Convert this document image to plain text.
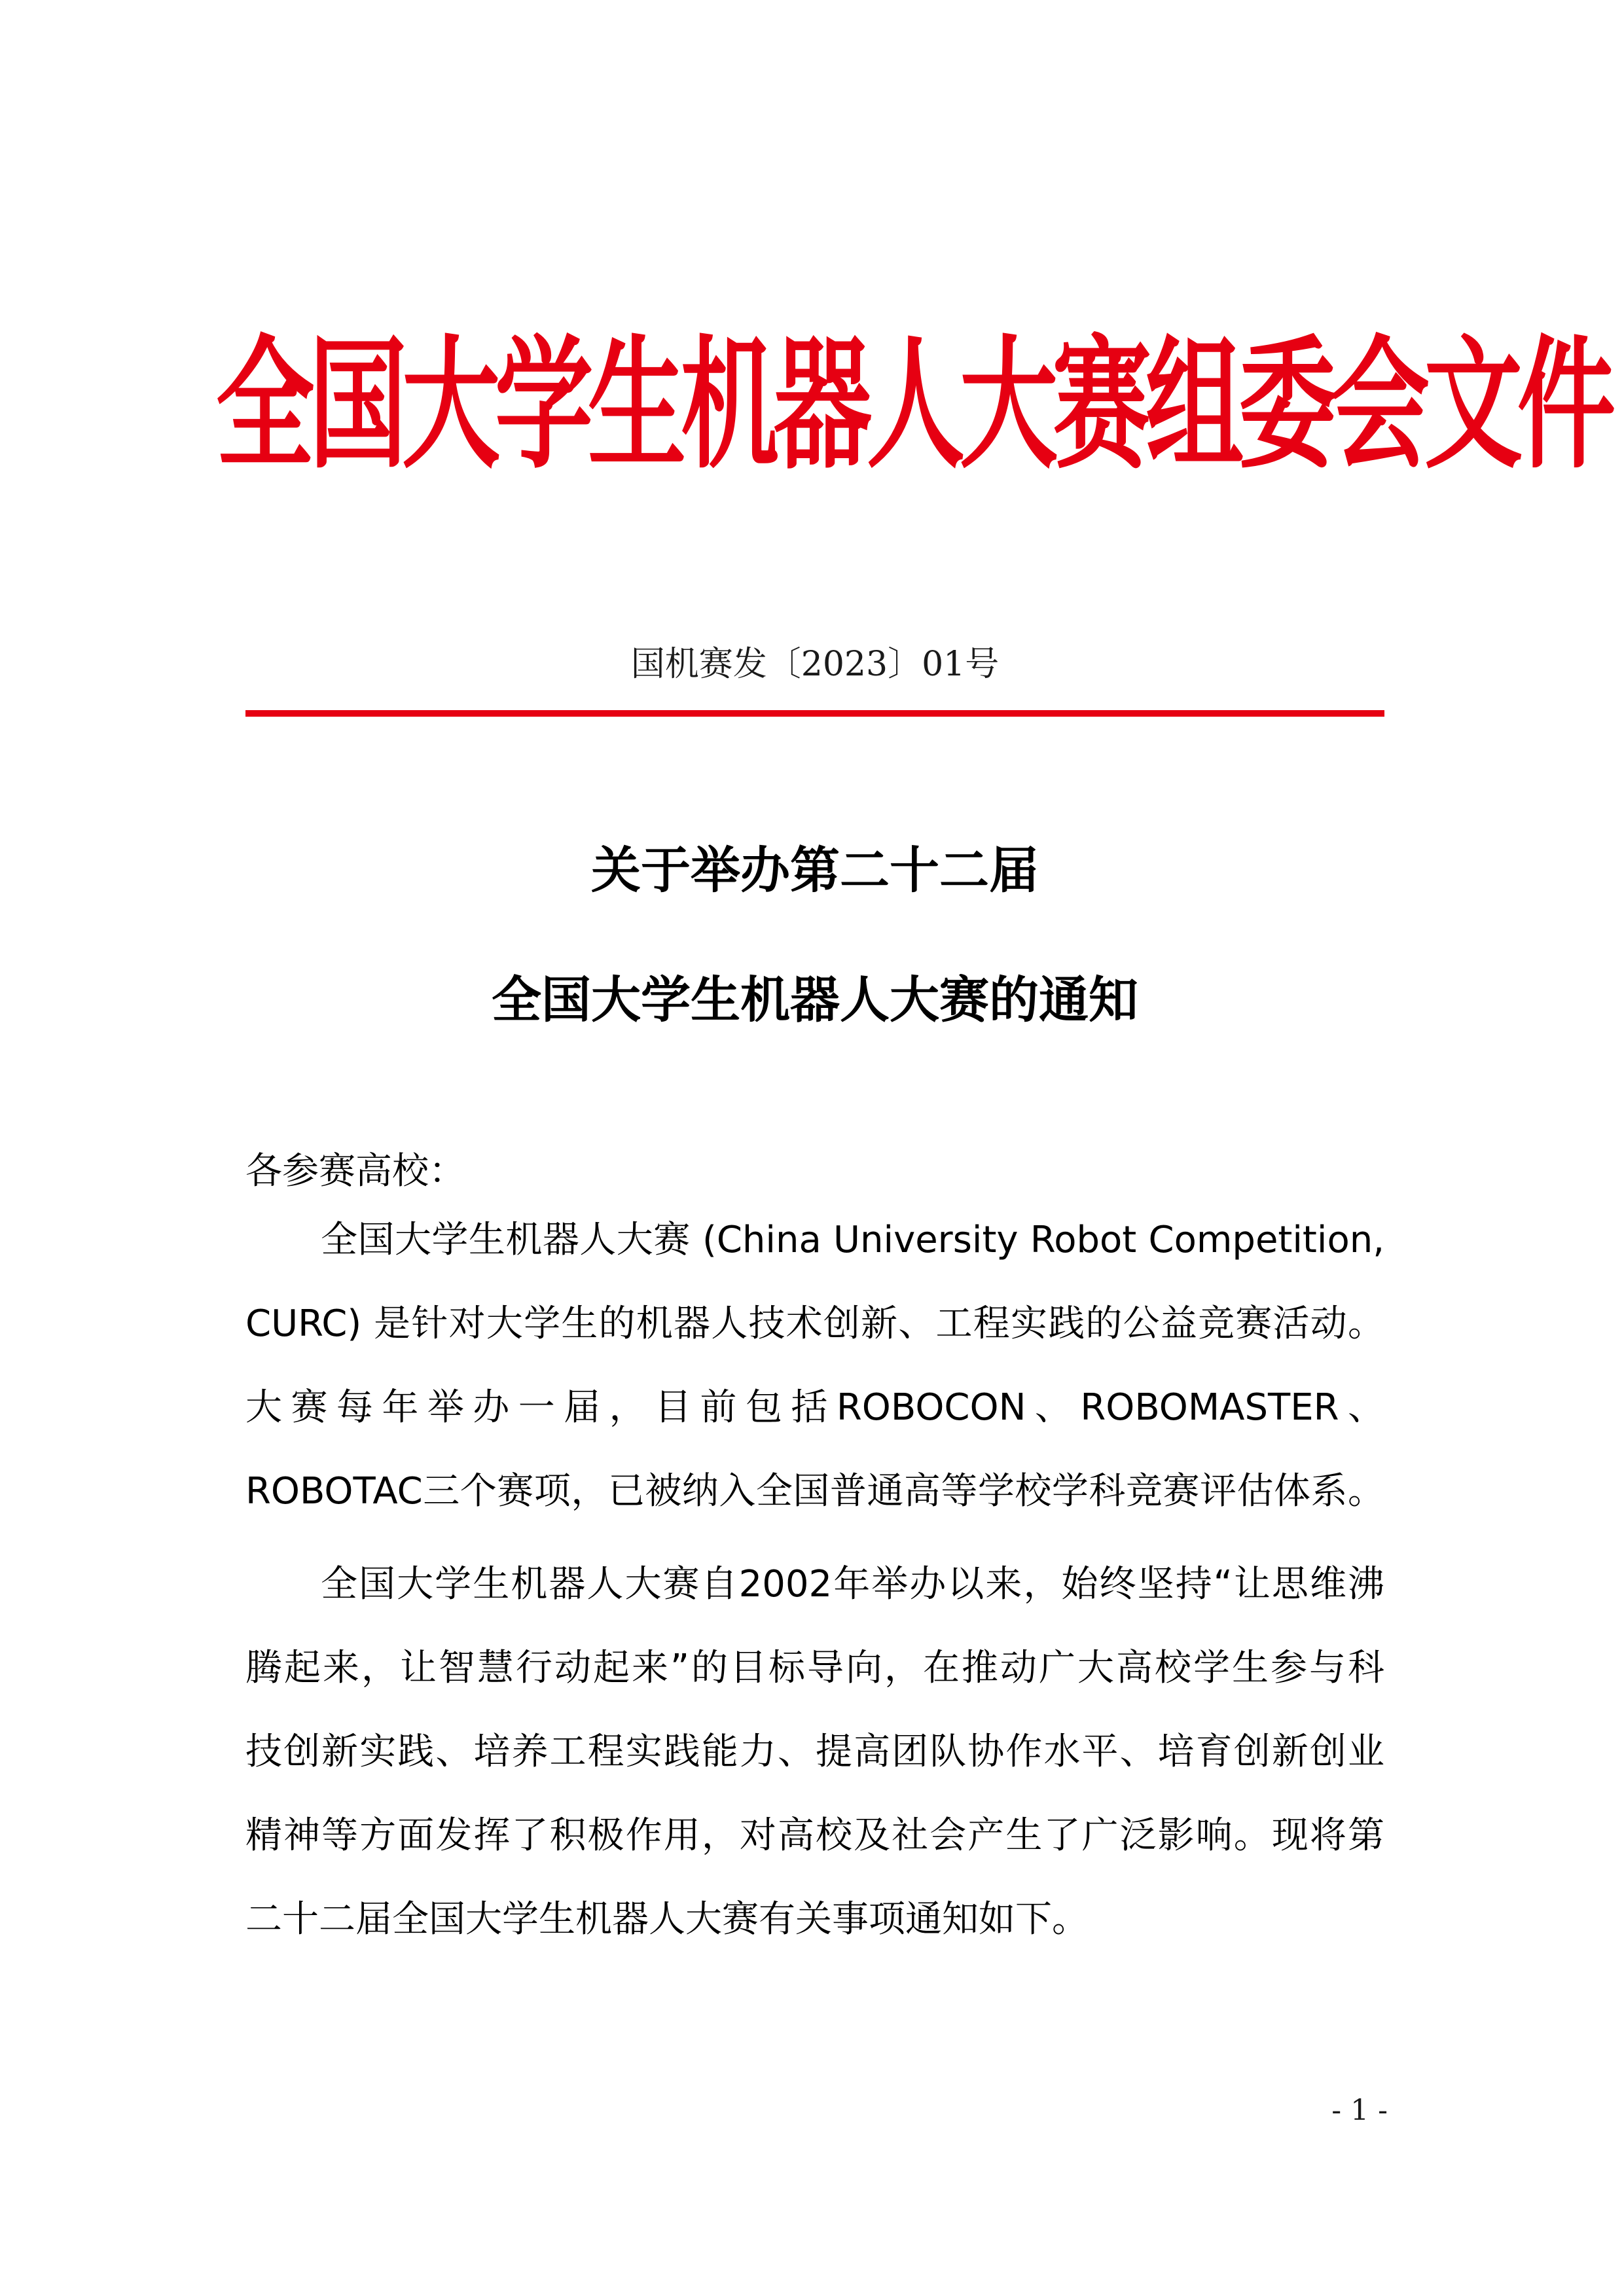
全国大学生机器人大赛组委会文件
国机赛发〔2023〕01号
关于举办第二十二届
全国大学生机器人大赛的通知
各参赛高校：
全国大学生机器人大赛 (China University Robot Competition,
CURC) 是针对大学生的机器人技术创新、工程实践的公益竞赛活动。
大赛每年举办一届，目前包括ROBOCON、ROBOMASTER、
ROBOTAC三个赛项，已被纳入全国普通高等学校学科竞赛评估体系。
全国大学生机器人大赛自2002年举办以来，始终坚持“让思维沸
腾起来，让智慧行动起来”的目标导向，在推动广大高校学生参与科
技创新实践、培养工程实践能力、提高团队协作水平、培育创新创业
精神等方面发挥了积极作用，对高校及社会产生了广泛影响。现将第
二十二届全国大学生机器人大赛有关事项通知如下。
- 1 -
